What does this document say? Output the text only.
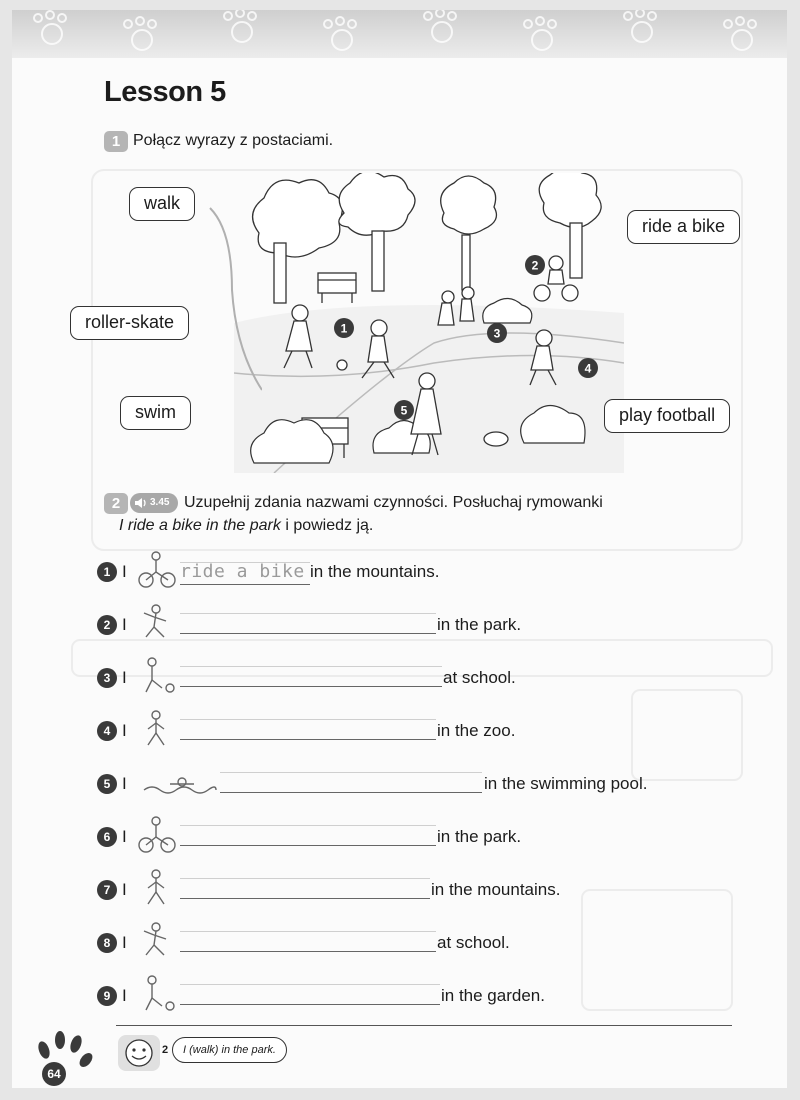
Lesson 5
1 Połącz wyrazy z postaciami.
1
2
3
4
5
walk
ride a bike
roller-skate
swim	play football
2	3.45 Uzupełnij zdania nazwami czynności. Posłuchaj rymowanki
I ride a bike in the park i powiedz ją.
1 I	ride a bike in the mountains.
2 I	in the park.
3 I	at school.
4 I	in the zoo.
5 I	in the swimming pool.
6 I	in the park.
7 I	in the mountains.
8 I	at school.
9 I	in the garden.
64
2	I (walk) in the park.
